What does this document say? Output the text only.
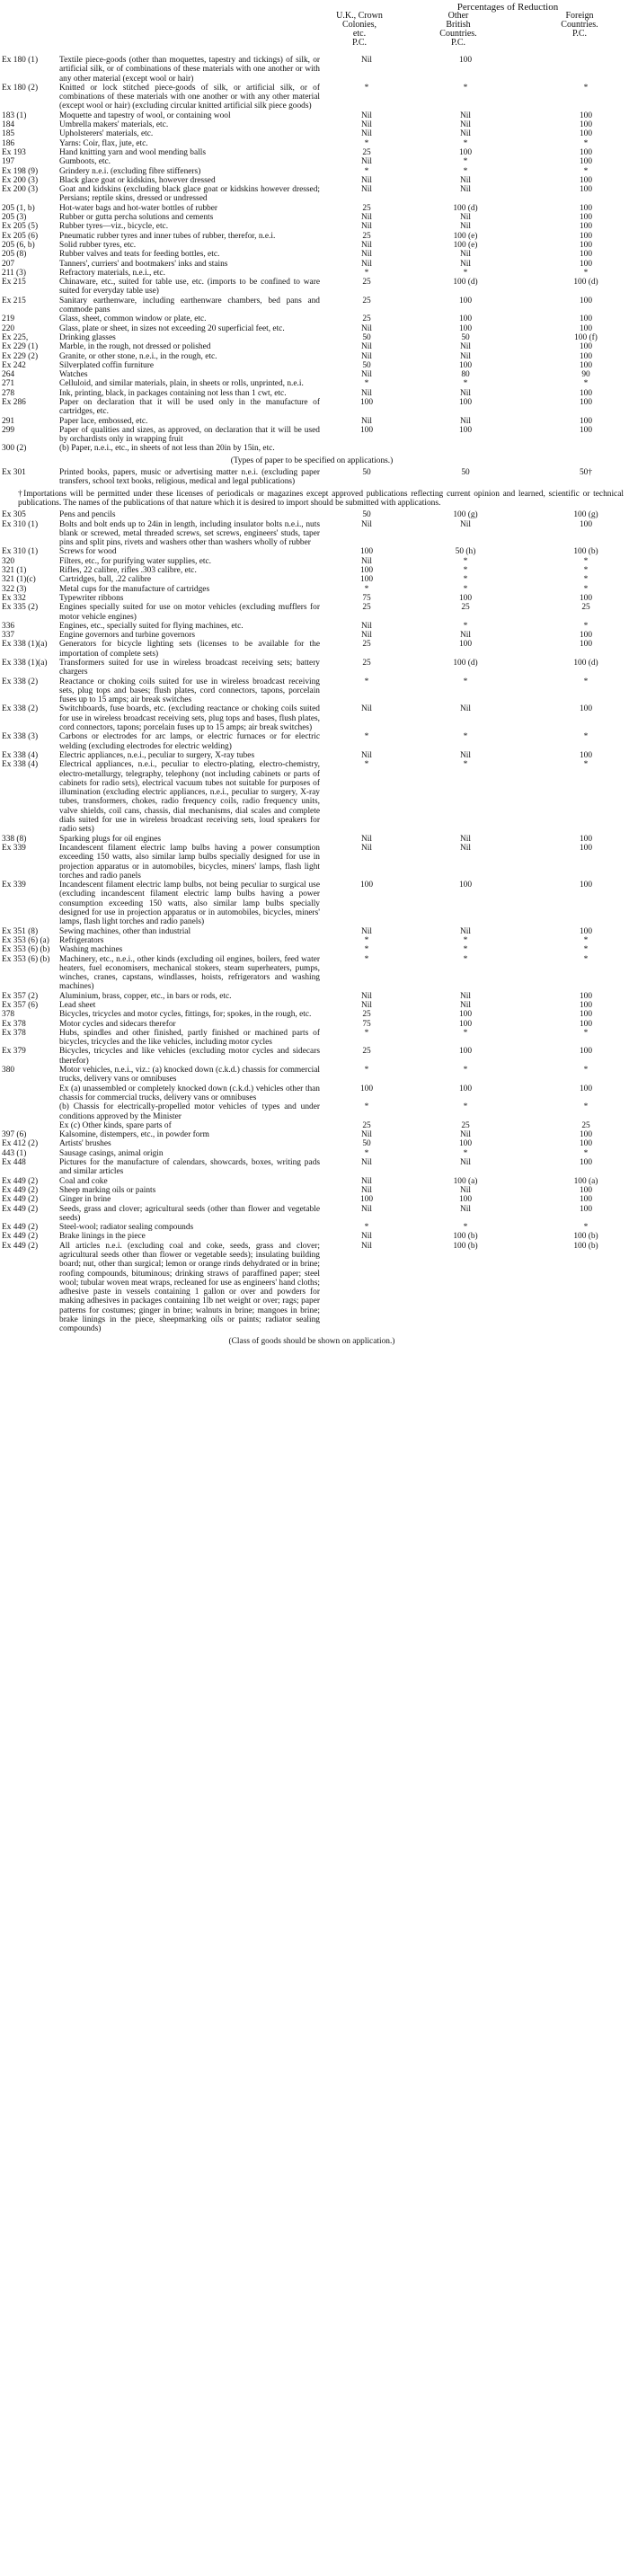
Percentages of Reduction
U.K., Crown
Colonies,
etc.
P.C.
Other
British
Countries.
P.C.
Foreign
Countries.
P.C.
Ex 180 (1)	Textile piece-goods (other than moquettes, tapestry and tickings) of silk, or artificial silk, or of combinations of these materials with one another or with any other material (except wool or hair)
Nil	100
Ex 180 (2)	Knitted or lock stitched piece-goods of silk, or artificial silk, or of combinations of these materials with one another or with any other material (except wool or hair) (excluding circular knitted artificial silk piece goods)
*	*	*
183 (1)	Moquette and tapestry of wool, or containing wool	Nil	Nil	100
184	Umbrella makers' materials, etc.	Nil	Nil	100
185	Upholsterers' materials, etc.	Nil	Nil	100
186	Yarns: Coir, flax, jute, etc.	*	*	*
Ex 193	Hand knitting yarn and wool mending balls	25	100	100
197	Gumboots, etc.	Nil	*	100
Ex 198 (9)	Grindery n.e.i. (excluding fibre stiffeners)	*	*	*
Ex 200 (3)	Black glace goat or kidskins, however dressed	Nil	Nil	100
Ex 200 (3)	Goat and kidskins (excluding black glace goat or kidskins however dressed; Persians; reptile skins, dressed or undressed
Nil	Nil	100
205 (1, b)	Hot-water bags and hot-water bottles of rubber	25	100 (d)	100
205 (3)	Rubber or gutta percha solutions and cements	Nil	Nil	100
Ex 205 (5)	Rubber tyres—viz., bicycle, etc.	Nil	Nil	100
Ex 205 (6)	Pneumatic rubber tyres and inner tubes of rubber, therefor, n.e.i.	25	100 (e)	100
205 (6, b)	Solid rubber tyres, etc.	Nil	100 (e)	100
205 (8)	Rubber valves and teats for feeding bottles, etc.	Nil	Nil	100
207	Tanners', curriers' and bootmakers' inks and stains	Nil	Nil	100
211 (3)	Refractory materials, n.e.i., etc.	*	*	*
Ex 215	Chinaware, etc., suited for table use, etc. (imports to be confined to ware suited for everyday table use)
25	100 (d)	100 (d)
Ex 215	Sanitary earthenware, including earthenware chambers, bed pans and commode pans
25	100	100
219	Glass, sheet, common window or plate, etc.	25	100	100
220	Glass, plate or sheet, in sizes not exceeding 20 superficial feet, etc.	Nil	100	100
Ex 225,	Drinking glasses	50	50	100 (f)
Ex 229 (1)	Marble, in the rough, not dressed or polished	Nil	Nil	100
Ex 229 (2)	Granite, or other stone, n.e.i., in the rough, etc.	Nil	Nil	100
Ex 242	Silverplated coffin furniture	50	100	100
264	Watches	Nil	80	90
271	Celluloid, and similar materials, plain, in sheets or rolls, unprinted, n.e.i.	*	*	*
278	Ink, printing, black, in packages containing not less than 1 cwt, etc.	Nil	Nil	100
Ex 286	Paper on declaration that it will be used only in the manufacture of cartridges, etc.
100	100	100
291	Paper lace, embossed, etc.	Nil	Nil	100
299	Paper of qualities and sizes, as approved, on declaration that it will be used by orchardists only in wrapping fruit
100	100	100
300 (2)	(b) Paper, n.e.i., etc., in sheets of not less than 20in by 15in, etc.
(Types of paper to be specified on applications.)
Ex 301	Printed books, papers, music or advertising matter n.e.i. (excluding paper transfers, school text books, religious, medical and legal publications)
50	50	50†
†Importations will be permitted under these licenses of periodicals or magazines except approved publications reflecting current opinion and learned, scientific or technical publications. The names of the publications of that nature which it is desired to import should be submitted with applications.
Ex 305	Pens and pencils	50	100 (g)	100 (g)
Ex 310 (1)	Bolts and bolt ends up to 24in in length, including insulator bolts n.e.i., nuts blank or screwed, metal threaded screws, set screws, engineers' studs, taper pins and split pins, rivets and washers other than washers wholly of rubber
Nil	Nil	100
Ex 310 (1)	Screws for wood	100	50 (h)	100 (b)
320	Filters, etc., for purifying water supplies, etc.	Nil	*	*
321 (1)	Rifles, 22 calibre, rifles .303 calibre, etc.	100	*	*
321 (1)(c)	Cartridges, ball, .22 calibre	100	*	*
322 (3)	Metal cups for the manufacture of cartridges	*	*	*
Ex 332	Typewriter ribbons	75	100	100
Ex 335 (2)	Engines specially suited for use on motor vehicles (excluding mufflers for motor vehicle engines)
25	25	25
336	Engines, etc., specially suited for flying machines, etc.	Nil	*	*
337	Engine governors and turbine governors	Nil	Nil	100
Ex 338 (1)(a)	Generators for bicycle lighting sets (licenses to be available for the importation of complete sets)
25	100	100
Ex 338 (1)(a)	Transformers suited for use in wireless broadcast receiving sets; battery chargers
25	100 (d)	100 (d)
Ex 338 (2)	Reactance or choking coils suited for use in wireless broadcast receiving sets, plug tops and bases; flush plates, cord connectors, tapons, porcelain fuses up to 15 amps; air break switches
*	*	*
Ex 338 (2)	Switchboards, fuse boards, etc. (excluding reactance or choking coils suited for use in wireless broadcast receiving sets, plug tops and bases, flush plates, cord connectors, tapons; porcelain fuses up to 15 amps; air break switches)
Nil	Nil	100
Ex 338 (3)	Carbons or electrodes for arc lamps, or electric furnaces or for electric welding (excluding electrodes for electric welding)
*	*	*
Ex 338 (4)	Electric appliances, n.e.i., peculiar to surgery, X-ray tubes	Nil	Nil	100
Ex 338 (4)	Electrical appliances, n.e.i., peculiar to electro-plating, electro-chemistry, electro-metallurgy, telegraphy, telephony (not including cabinets or parts of cabinets for radio sets), electrical vacuum tubes not suitable for purposes of illumination (excluding electric appliances, n.e.i., peculiar to surgery, X-ray tubes, transformers, chokes, radio frequency coils, radio frequency units, valve shields, coil cans, chassis, dial mechanisms, dial scales and complete dials suited for use in wireless broadcast receiving sets, loud speakers for radio sets)
*	*	*
338 (8)	Sparking plugs for oil engines	Nil	Nil	100
Ex 339	Incandescent filament electric lamp bulbs having a power consumption exceeding 150 watts, also similar lamp bulbs specially designed for use in projection apparatus or in automobiles, bicycles, miners' lamps, flash light torches and radio panels
Nil	Nil	100
Ex 339	Incandescent filament electric lamp bulbs, not being peculiar to surgical use (excluding incandescent filament electric lamp bulbs having a power consumption exceeding 150 watts, also similar lamp bulbs specially designed for use in projection apparatus or in automobiles, bicycles, miners' lamps, flash light torches and radio panels)
100	100	100
Ex 351 (8)	Sewing machines, other than industrial	Nil	Nil	100
Ex 353 (6) (a)	Refrigerators	*	*	*
Ex 353 (6) (b)	Washing machines	*	*	*
Ex 353 (6) (b)	Machinery, etc., n.e.i., other kinds (excluding oil engines, boilers, feed water heaters, fuel economisers, mechanical stokers, steam superheaters, pumps, winches, cranes, capstans, windlasses, hoists, refrigerators and washing machines)
*	*	*
Ex 357 (2)	Aluminium, brass, copper, etc., in bars or rods, etc.	Nil	Nil	100
Ex 357 (6)	Lead sheet	Nil	Nil	100
378	Bicycles, tricycles and motor cycles, fittings, for; spokes, in the rough, etc.	25	100	100
Ex 378	Motor cycles and sidecars therefor	75	100	100
Ex 378	Hubs, spindles and other finished, partly finished or machined parts of bicycles, tricycles and the like vehicles, including motor cycles
*	*	*
Ex 379	Bicycles, tricycles and like vehicles (excluding motor cycles and sidecars therefor)
25	100	100
380	Motor vehicles, n.e.i., viz.: (a) knocked down (c.k.d.) chassis for commercial trucks, delivery vans or omnibuses
*	*	*
Ex (a) unassembled or completely knocked down (c.k.d.) vehicles other than chassis for commercial trucks, delivery vans or omnibuses
100	100	100
(b) Chassis for electrically-propelled motor vehicles of types and under conditions approved by the Minister
*	*	*
Ex (c) Other kinds, spare parts of	25	25	25
397 (6)	Kalsomine, distempers, etc., in powder form	Nil	Nil	100
Ex 412 (2)	Artists' brushes	50	100	100
443 (1)	Sausage casings, animal origin	*	*	*
Ex 448	Pictures for the manufacture of calendars, showcards, boxes, writing pads and similar articles
Nil	Nil	100
Ex 449 (2)	Coal and coke	Nil	100 (a)	100 (a)
Ex 449 (2)	Sheep marking oils or paints	Nil	Nil	100
Ex 449 (2)	Ginger in brine	100	100	100
Ex 449 (2)	Seeds, grass and clover; agricultural seeds (other than flower and vegetable seeds)
Nil	Nil	100
Ex 449 (2)	Steel-wool; radiator sealing compounds	*	*	*
Ex 449 (2)	Brake linings in the piece	Nil	100 (b)	100 (b)
Ex 449 (2)	All articles n.e.i. (excluding coal and coke, seeds, grass and clover; agricultural seeds other than flower or vegetable seeds); insulating building board; nut, other than surgical; lemon or orange rinds dehydrated or in brine; roofing compounds, bituminous; drinking straws of paraffined paper; steel wool; tubular woven meat wraps, recleaned for use as engineers' hand cloths; adhesive paste in vessels containing 1 gallon or over and powders for making adhesives in packages containing 1lb net weight or over; rags; paper patterns for costumes; ginger in brine; walnuts in brine; mangoes in brine; brake linings in the piece, sheepmarking oils or paints; radiator sealing compounds)
Nil	100 (b)	100 (b)
(Class of goods should be shown on application.)
